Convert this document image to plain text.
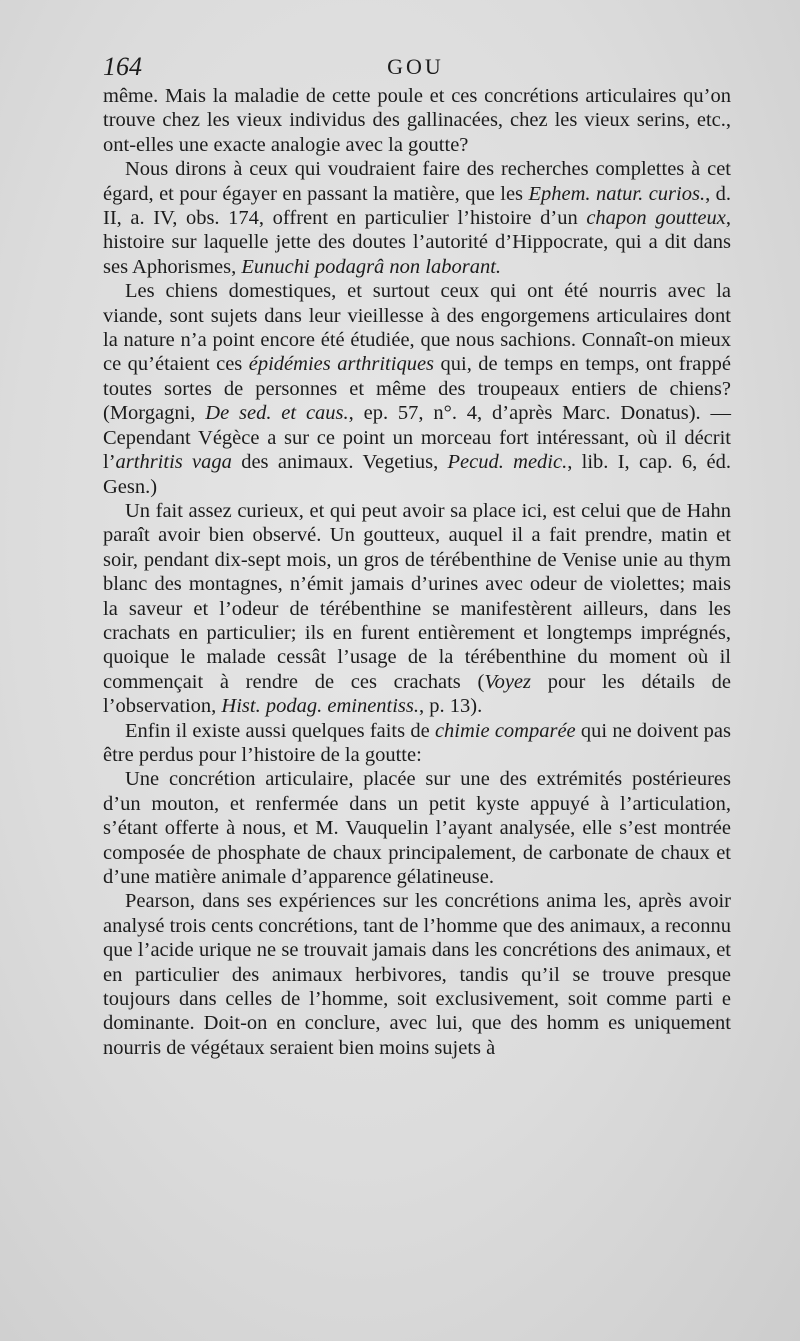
164	GOU

même. Mais la maladie de cette poule et ces concrétions articulaires qu’on trouve chez les vieux individus des gallinacées, chez les vieux serins, etc., ont-elles une exacte analogie avec la goutte?

Nous dirons à ceux qui voudraient faire des recherches complettes à cet égard, et pour égayer en passant la matière, que les Ephem. natur. curios., d. II, a. IV, obs. 174, offrent en particulier l’histoire d’un chapon goutteux, histoire sur laquelle jette des doutes l’autorité d’Hippocrate, qui a dit dans ses Aphorismes, Eunuchi podagrâ non laborant.

Les chiens domestiques, et surtout ceux qui ont été nourris avec la viande, sont sujets dans leur vieillesse à des engorgemens articulaires dont la nature n’a point encore été étudiée, que nous sachions. Connaît-on mieux ce qu’étaient ces épidémies arthritiques qui, de temps en temps, ont frappé toutes sortes de personnes et même des troupeaux entiers de chiens? (Morgagni, De sed. et caus., ep. 57, n°. 4, d’après Marc. Donatus). — Cependant Végèce a sur ce point un morceau fort intéressant, où il décrit l’arthritis vaga des animaux. Vegetius, Pecud. medic., lib. I, cap. 6, éd. Gesn.)

Un fait assez curieux, et qui peut avoir sa place ici, est celui que de Hahn paraît avoir bien observé. Un goutteux, auquel il a fait prendre, matin et soir, pendant dix-sept mois, un gros de térébenthine de Venise unie au thym blanc des montagnes, n’émit jamais d’urines avec odeur de violettes; mais la saveur et l’odeur de térébenthine se manifestèrent ailleurs, dans les crachats en particulier; ils en furent entièrement et longtemps imprégnés, quoique le malade cessât l’usage de la térébenthine du moment où il commençait à rendre de ces crachats (Voyez pour les détails de l’observation, Hist. podag. eminentiss., p. 13).

Enfin il existe aussi quelques faits de chimie comparée qui ne doivent pas être perdus pour l’histoire de la goutte:

Une concrétion articulaire, placée sur une des extrémités postérieures d’un mouton, et renfermée dans un petit kyste appuyé à l’articulation, s’étant offerte à nous, et M. Vauquelin l’ayant analysée, elle s’est montrée composée de phosphate de chaux principalement, de carbonate de chaux et d’une matière animale d’apparence gélatineuse.

Pearson, dans ses expériences sur les concrétions anima les, après avoir analysé trois cents concrétions, tant de l’homme que des animaux, a reconnu que l’acide urique ne se trouvait jamais dans les concrétions des animaux, et en particulier des animaux herbivores, tandis qu’il se trouve presque toujours dans celles de l’homme, soit exclusivement, soit comme parti e dominante. Doit-on en conclure, avec lui, que des homm es uniquement nourris de végétaux seraient bien moins sujets à
